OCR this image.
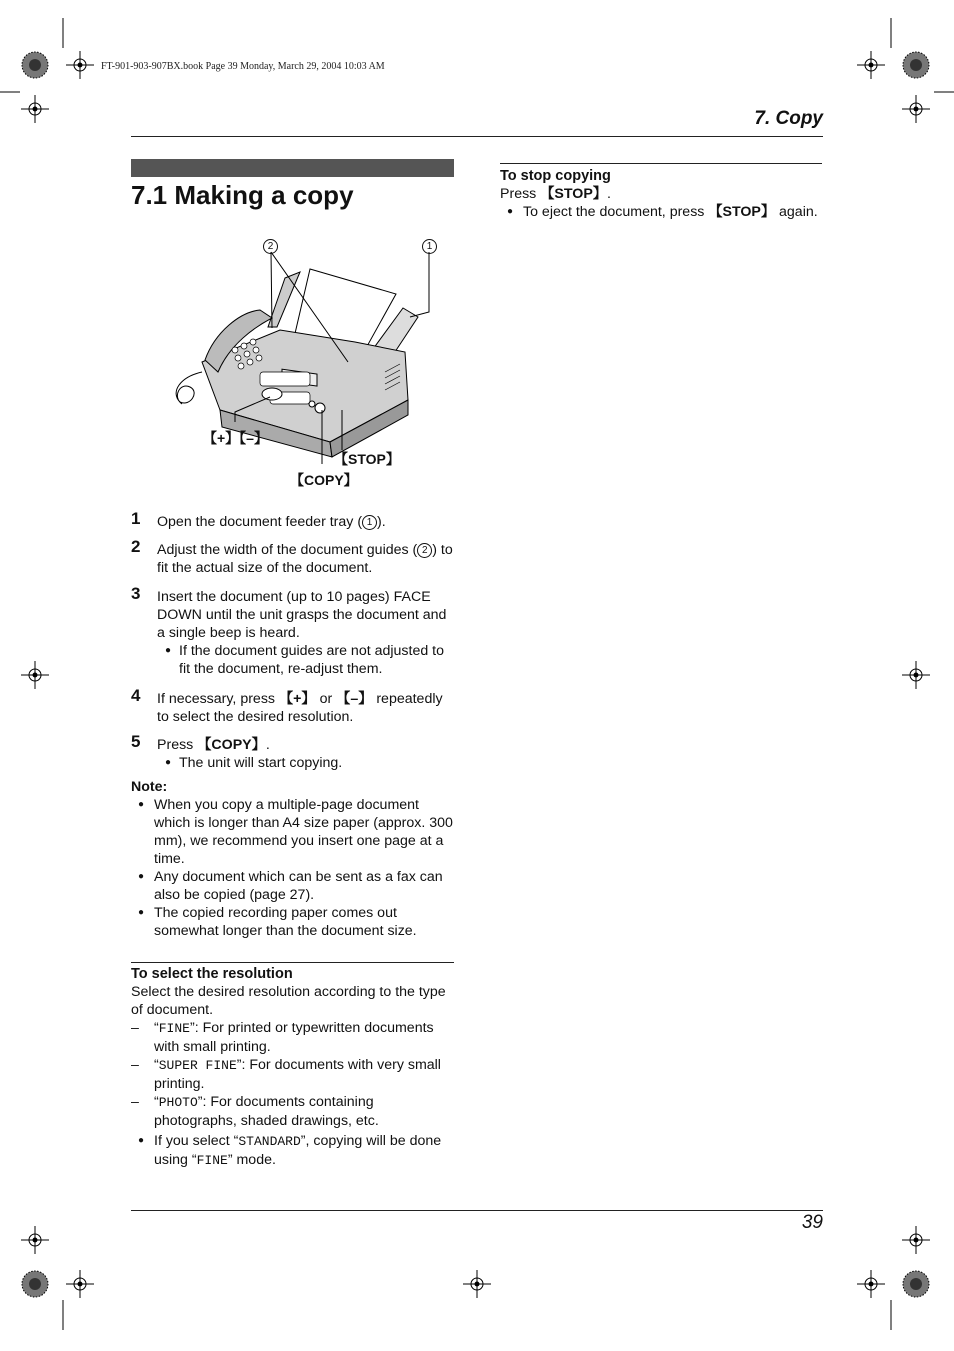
FT-901-903-907BX.book Page 39 Monday, March 29, 2004 10:03 AM
7. Copy
7.1 Making a copy
2	1
【+】【–】
【STOP】
【COPY】
1 Open the document feeder tray ( 1 ).
2 Adjust the width of the document guides ( 2 ) to fit the actual size of the document.
3 Insert the document (up to 10 pages) FACE DOWN until the unit grasps the document and a single beep is heard.
● If the document guides are not adjusted to fit the document, re-adjust them.
4 If necessary, press 【+】 or 【–】 repeatedly to select the desired resolution.
5 Press 【COPY】.
● The unit will start copying.
Note:
● When you copy a multiple-page document which is longer than A4 size paper (approx. 300 mm), we recommend you insert one page at a time.
● Any document which can be sent as a fax can also be copied (page 27).
● The copied recording paper comes out somewhat longer than the document size.
To select the resolution
Select the desired resolution according to the type of document.
– “FINE”: For printed or typewritten documents with small printing.
– “SUPER FINE”: For documents with very small printing.
– “PHOTO”: For documents containing photographs, shaded drawings, etc.
● If you select “STANDARD”, copying will be done using “FINE” mode.
To stop copying
Press 【STOP】.
● To eject the document, press 【STOP】 again.
39
